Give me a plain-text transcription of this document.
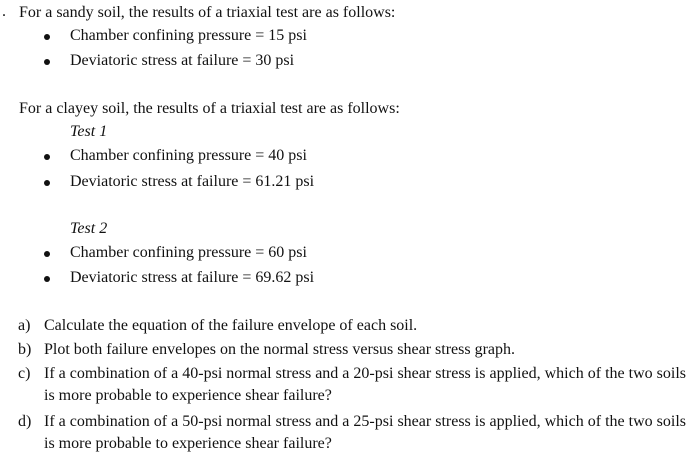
. For a sandy soil, the results of a triaxial test are as follows:
Chamber confining pressure = 15 psi
Deviatoric stress at failure = 30 psi
For a clayey soil, the results of a triaxial test are as follows:
Test 1
Chamber confining pressure = 40 psi
Deviatoric stress at failure = 61.21 psi
Test 2
Chamber confining pressure = 60 psi
Deviatoric stress at failure = 69.62 psi
a) Calculate the equation of the failure envelope of each soil.
b) Plot both failure envelopes on the normal stress versus shear stress graph.
c) If a combination of a 40-psi normal stress and a 20-psi shear stress is applied, which of the two soils is more probable to experience shear failure?
d) If a combination of a 50-psi normal stress and a 25-psi shear stress is applied, which of the two soils is more probable to experience shear failure?
